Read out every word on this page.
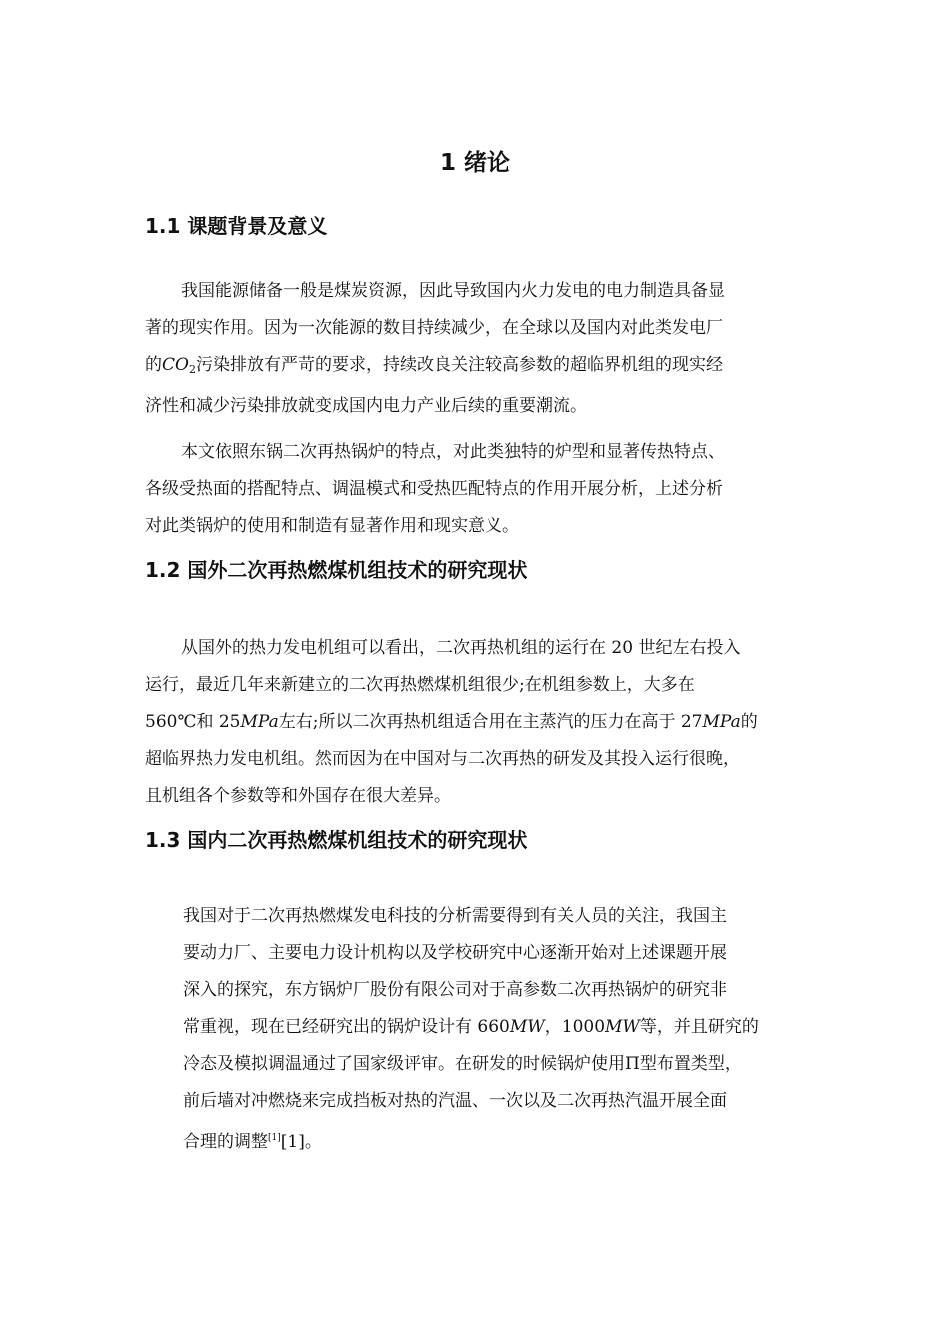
1 绪论
1.1 课题背景及意义
我国能源储备一般是煤炭资源，因此导致国内火力发电的电力制造具备显
著的现实作用。因为一次能源的数目持续减少，在全球以及国内对此类发电厂
的$CO_2$污染排放有严苛的要求，持续改良关注较高参数的超临界机组的现实经
济性和减少污染排放就变成国内电力产业后续的重要潮流。
本文依照东锅二次再热锅炉的特点，对此类独特的炉型和显著传热特点、
各级受热面的搭配特点、调温模式和受热匹配特点的作用开展分析，上述分析
对此类锅炉的使用和制造有显著作用和现实意义。
1.2 国外二次再热燃煤机组技术的研究现状
从国外的热力发电机组可以看出，二次再热机组的运行在 20 世纪左右投入
运行，最近几年来新建立的二次再热燃煤机组很少;在机组参数上，大多在
560℃和 25MPa左右;所以二次再热机组适合用在主蒸汽的压力在高于 27MPa的
超临界热力发电机组。然而因为在中国对与二次再热的研发及其投入运行很晚，
且机组各个参数等和外国存在很大差异。
1.3 国内二次再热燃煤机组技术的研究现状
我国对于二次再热燃煤发电科技的分析需要得到有关人员的关注，我国主
要动力厂、主要电力设计机构以及学校研究中心逐渐开始对上述课题开展
深入的探究，东方锅炉厂股份有限公司对于高参数二次再热锅炉的研究非
常重视，现在已经研究出的锅炉设计有 660MW，1000MW等，并且研究的
冷态及模拟调温通过了国家级评审。在研发的时候锅炉使用Π型布置类型，
前后墙对冲燃烧来完成挡板对热的汽温、一次以及二次再热汽温开展全面
合理的调整[1][1]。
